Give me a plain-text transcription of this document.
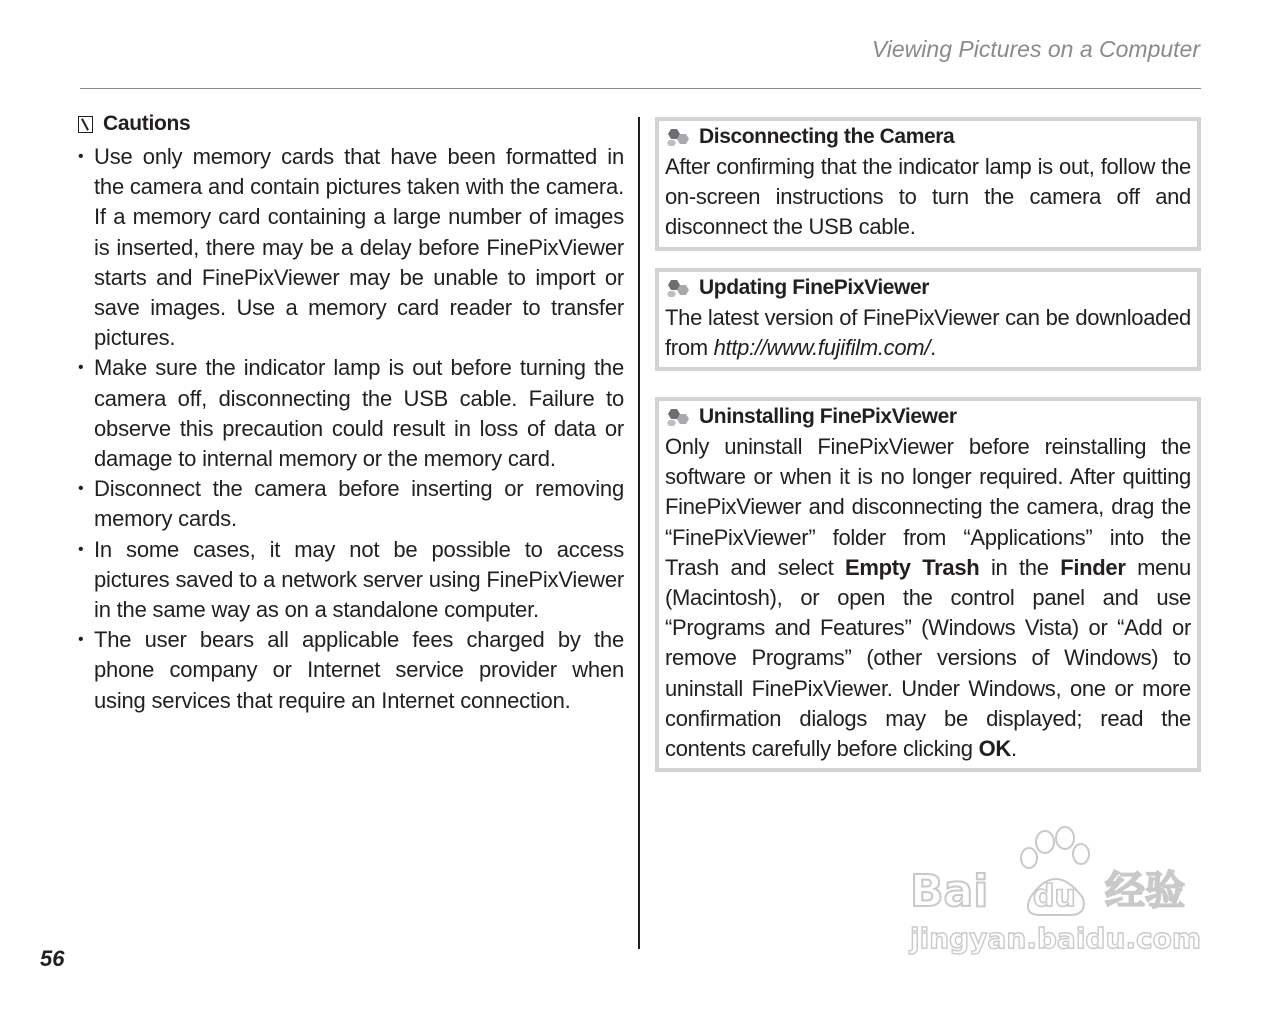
Viewing Pictures on a Computer
Cautions
• Use only memory cards that have been formatted in the camera and contain pictures taken with the camera. If a memory card containing a large number of images is inserted, there may be a delay before FinePixViewer starts and FinePixViewer may be unable to import or save images. Use a memory card reader to transfer pictures.
• Make sure the indicator lamp is out before turning the camera off, disconnecting the USB cable. Failure to observe this precaution could result in loss of data or damage to internal memory or the memory card.
• Disconnect the camera before inserting or removing memory cards.
• In some cases, it may not be possible to access pictures saved to a network server using FinePixViewer in the same way as on a standalone computer.
• The user bears all applicable fees charged by the phone company or Internet service provider when using services that require an Internet connection.
Disconnecting the Camera
After confirming that the indicator lamp is out, follow the on-screen instructions to turn the camera off and disconnect the USB cable.
Updating FinePixViewer
The latest version of FinePixViewer can be downloaded from http://www.fujifilm.com/.
Uninstalling FinePixViewer
Only uninstall FinePixViewer before reinstalling the software or when it is no longer required. After quitting FinePixViewer and disconnecting the camera, drag the “FinePixViewer” folder from “Applications” into the Trash and select Empty Trash in the Finder menu (Macintosh), or open the control panel and use “Programs and Features” (Windows Vista) or “Add or remove Programs” (other versions of Windows) to uninstall FinePixViewer. Under Windows, one or more confirmation dialogs may be displayed; read the contents carefully before clicking OK.
56
Bai du 经验
jingyan.baidu.com
